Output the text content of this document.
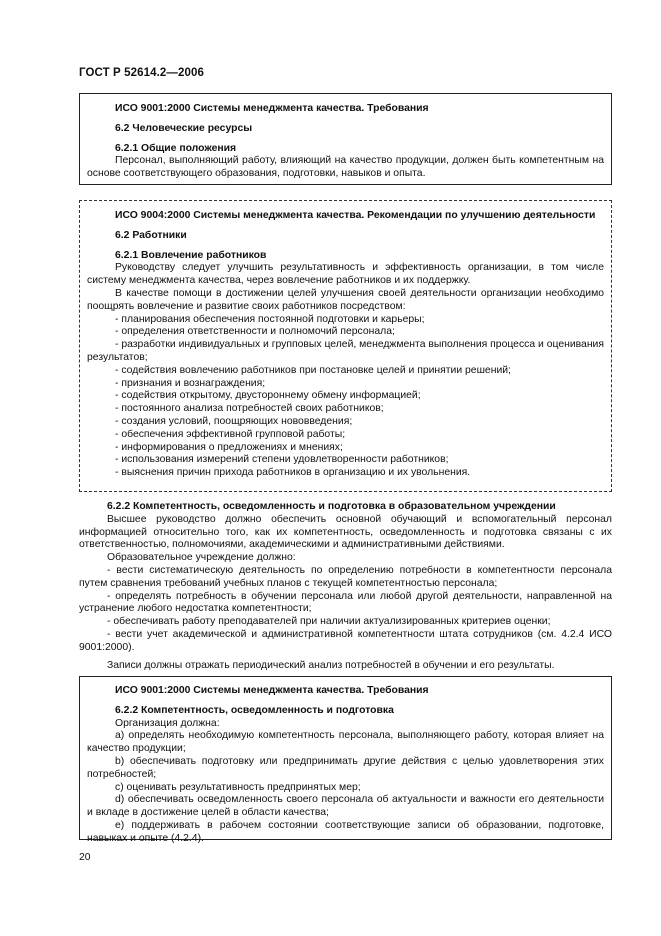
ГОСТ Р 52614.2—2006

ИСО 9001:2000 Системы менеджмента качества. Требования

6.2 Человеческие ресурсы

6.2.1 Общие положения

Персонал, выполняющий работу, влияющий на качество продукции, должен быть компетентным на основе соответствующего образования, подготовки, навыков и опыта.

ИСО 9004:2000 Системы менеджмента качества. Рекомендации по улучшению деятельности

6.2 Работники

6.2.1 Вовлечение работников

Руководству следует улучшить результативность и эффективность организации, в том числе систему менеджмента качества, через вовлечение работников и их поддержку.

В качестве помощи в достижении целей улучшения своей деятельности организации необходимо поощрять вовлечение и развитие своих работников посредством:

- планирования обеспечения постоянной подготовки и карьеры;

- определения ответственности и полномочий персонала;

- разработки индивидуальных и групповых целей, менеджмента выполнения процесса и оценивания результатов;

- содействия вовлечению работников при постановке целей и принятии решений;

- признания и вознаграждения;

- содействия открытому, двустороннему обмену информацией;

- постоянного анализа потребностей своих работников;

- создания условий, поощряющих нововведения;

- обеспечения эффективной групповой работы;

- информирования о предложениях и мнениях;

- использования измерений степени удовлетворенности работников;

- выяснения причин прихода работников в организацию и их увольнения.

6.2.2 Компетентность, осведомленность и подготовка в образовательном учреждении

Высшее руководство должно обеспечить основной обучающий и вспомогательный персонал информацией относительно того, как их компетентность, осведомленность и подготовка связаны с их ответственностью, полномочиями, академическими и административными действиями.

Образовательное учреждение должно:

- вести систематическую деятельность по определению потребности в компетентности персонала путем сравнения требований учебных планов с текущей компетентностью персонала;

- определять потребность в обучении персонала или любой другой деятельности, направленной на устранение любого недостатка компетентности;

- обеспечивать работу преподавателей при наличии актуализированных критериев оценки;

- вести учет академической и административной компетентности штата сотрудников (см. 4.2.4 ИСО 9001:2000).

Записи должны отражать периодический анализ потребностей в обучении и его результаты.

ИСО 9001:2000 Системы менеджмента качества. Требования

6.2.2 Компетентность, осведомленность и подготовка

Организация должна:

a) определять необходимую компетентность персонала, выполняющего работу, которая влияет на качество продукции;

b) обеспечивать подготовку или предпринимать другие действия с целью удовлетворения этих потребностей;

c) оценивать результативность предпринятых мер;

d) обеспечивать осведомленность своего персонала об актуальности и важности его деятельности и вкладе в достижение целей в области качества;

e) поддерживать в рабочем состоянии соответствующие записи об образовании, подготовке, навыках и опыте (4.2.4).

20
